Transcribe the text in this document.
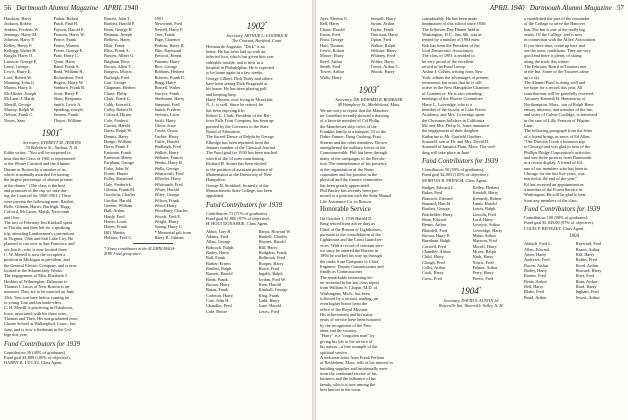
56 Dartmouth Alumni Magazine APRIL 1940
Hawkins, Harry
Jackson, Robert
Jenkins, Frederic W.
Jennings, Harry M.
Johnson, Harry P.
Kelley, Henry P.
Kellogg, Walter H.
Knight, Harry O.
Lamson, George P.
Leary, George
Lewis, Harry E.
Lord, Robert W.
Manning, John G.
Martin, Harry S.
McAllister, Joseph
McLane, J. Hardy
Merrill, George
Murray, Ralph W.
Nelson, Frank C.
Noyes, Sam
Parker, Robert
Patch, Paul H.
Payson, Harold E.
Pearson, Harry W.
Peirce, Frank
Pettee, Warren
Porter, George E.
Pratt, Harry C.
Quint, Harry
Rand, Frank A.
Read, William H.
Richardson, Fred
Rogers, Harry W.
Sanborn, Frank B.
Scott, Harry P.
Shaw, Benjamin
Smith, Lewis A.
Spalding, Joseph
Stearns, Frank
Thayer, William
1901*
Secretary, EVERETT M. JENKINS
35 Belvidere St., Nashua, N. H.
Eddie writes: "You will be surprised to
hear that the Class of 1901 is represented
at the Winter Carnival and the Alumni
Dinner in Boston by a number of us,
which is annually awarded for having
the largest percentage of alumni present
at the dinner." (The class is the host
and promoter of the cup we take dur-
ing the Carnival for 1900-1901.) There
were present the following men: Bartlett,
Belle, Gilman, Harris, Burleigh, Rugg,
Colcord, McCarter, Marsh, Newcomb
and Oser.
The fact of February Jim Kimball spent
in Florida, and then left for a speaking
trip, attending Lumbermen's conventions
in Virginia, Ohio and Salt Lake City. He
planned to run over to San Francisco and
see Jim Jr., who is now located there.
C. W. Merrill is now the occupied a
position in Michigan as president, and
the General Electric Company, and is now
located at the Schenectady Works.
The engagement of Miss Elizabeth J.
Hoskins of Wilmington, Delaware to
Thomas I. Lucas of New Boston is an-
nounced. They are to be married on June
15th. Tom was here before coming on
to young Tom and his bride-elect.
C. H. Merrill is practicing in Oskaloosa,
Iowa, associated with his three sons,
Thomas and Theo. His son graduated from
Choate School at Wallingford, Conn., last
June, and is now a freshman in the Col-
lege this year.
Fund Contributors for 1939
Contributors 39 (48% of graduates).
Fund goal $1,889 (100% of objective).
HARRY R. LUCAS, Class Agent.
Barrett, John T.
Bartlett, Harold P.
Bean, George H.
Beaman, Joseph
Bellows, Harry
Blair, Frank
Bliss, Frank A.
Bowen, Albert G.
Brigham, Ross
Brown, Allen T.
Burgess, Morris
Burleigh, Fred
Carr, George
Chapman, Herbert
Chase, Philip
Clark, Frank C.
Cobb, Everett L.
Colby, Robert B.
Colcord, Hiram
Cole, Frederic
Currier, Harold
Davis, Ralph W.
Dennis, Harry
Dodge, William
Drew, Frank T.
Eastman, Frank
Emerson, Henry
Farnham, George
Fiske, John W.
Foster, Hazen
Fuller, Raymond
Gale, Frederick
Gilman, Frank M.
Goodwin, Charles
Gordon, Harold
Greene, William
Hall, Arthur
Hardy, Fred
Harris, Louis
Hayes, Frank
Hill, Martin
Holmes, Fred C.
1901
Newcomb, Fred
Newell, Harry P.
Oser, Frank
Page, Clarence
Perkins, Harry B.
Pike, Raymond
Prescott, Ernest
Putnam, Harry
Rice, George
Robbins, Herbert
Roberts, Frank C.
Rugg, Harry
Russell, Walter
Sawyer, Frank
Sherburne, Harry
Simpson, Fred
Smith, Frederic
Stevens, Leon
Swift, Harry
Tilton, Jesse
Towle, Orson
Tucker, Harry
Tuttle, Harold
Wadleigh, Fred
Walker, Harry
Webster, Francis
Weeks, Harry R.
Wells, George
Wentworth, Fred
Wheeler, Harry
Whitcomb, Fred
White, Harold
Wiley, George
Wilson, Frank
Wood, Harry
Woodbury, Charles
Woods, Fred E.
Wright, Harry
Young, Harry C.
* Memorial gift from
Harry B. Gilman
* Ninety contributors in the ALUMNI MAGA-
ZINE Fund group since.
1902*
Secretary, ARTHUR L. GOODRICH
The Courant, Hartford, Conn.
Herman de Augustin. "Dick" is no
better. He has been laid up with an
infected foot, which has given him con-
siderable trouble, and is now in a
hospital in Philadelphia. He is expected
to be home again in a few weeks.
George Gilbert, Dick Duffy and others
have been seeing Dick Fitzgerald at
his home. He has been playing golf
and keeping busy.
Harry Bowen, now living in Montclair,
N. J., is well. Since he retired, he
has been enjoying life.
Robert C. Clark, President of the Bel-
lows Falls Trust Company, has been ap-
pointed by the Governor to the State
Board of Education.
The Sacred Dance of Delphi by George
Elbridge has been reprinted from the
January number of the Classical Journal.
The Fund goal for 1939 has been reached
with 6 of the 14 men contributing.
Richard H. Stoner has been elected
to the position of assistant professor of
Mathematics at the University of New
Hampshire.
George H. Stoddard, formerly of the
Massachusetts State College, has been
appointed.
Fund Contributors for 1939
Contributors 71 (71% of graduates).
Fund goal $1,885 (97% of objective).
H. HOLT DONAHUE, Class Agent.
Abbot, Guy H.
Adams, Fred
Allen, George
Babcock, Ralph
Bailey, Harry
Ball, Frank
Barker, Ernest
Bartlett, Ralph
Bassett, Harold
Beals, Frank
Brown, Harry
Burns, Frank
Carleton, Harry
Cate, John H.
Chandler, Fred
Cole, Bertie
Harris, Howard W.
Haskell, Charles
Haynes, Harold
Hill, Harry
Hodgdon, Frank
Holbrook, Fred
Hooper, Harry
Howe, Fred
Ingalls, Ralph
Jordan, Fred W.
Kent, Harold
Kimball, George
King, Frank
Ladd, Harry
Lane, Harold
Lewis, Fred
APRIL 1940 Dartmouth Alumni Magazine 57
Ayer, Merton G.
Bell, Harry
Chase, Harold
Eaton, Fred
Frost, George
Hart, Thomas
Lewis, Robert
Moore, Harry
Reed, Arthur
Smith, Fred
Tower, Arthur
Wells, Harry
Stowell, Harry
Swain, Arthur
Taylor, Frank
Thurston, Harry
Upton, Fred
Walker, Ralph
Webster, Harry
Whitney, Fred
Wilder, Harry
Tower, Arthur C.
Woods, Harry
1903*
Secretary, DR. EDWARD R. BURBANK
48 Humphrey St., Marblehead, Mass.
We are sorry to report that the Manches-
ter Guardian recently showed a drawing
of a favorite member of Cal Philip,
the Manchester ship crews of the
Franklin family at a banquet, 15 of the
Dabie Farmer, Doug Cushing, Fran
Stearns and the other members. Brown
strengthened the military forces of the
Commonwealth. Phil has been through
many of the campaigns of the Revolu-
tion. The remembrance of his presence
at the organization of the Nunn
committee and his position in the
physical and the finance committees
has been greatly appreciated.
Phil Pauley has recently been pro-
moted to a position with the State Mutual
Life Assurance Co. in Boston.
Honorable Service
On October 1, 1939 Harold D.
King retired from active duty as
Chief of the Bureau of Lighthouses,
pursuant to the consolidation of the
Lighthouse and the Coast Guard ser-
vices. With a record of constant serv-
ice since he entered the Bureau in
1894 he worked his way up through
the ranks from Computer to Chief
Engineer, Deputy Commissioner and
finally as Commissioner.
The remarkable interesting let-
ter recorded in the last class report
from William S. Chapin, M.D. of
Washington, Mich., has been
followed by a second, tending, an
even higher honor from the
office of the Royal Mission.
His achievement and his many
years of service have been honored
by the recognition of the Pres-
ident and the country.
"Harry" is a "forgotten man" by
giving his life to the service of
his nation—a fine example of the
spiritual service.
A welcome letter from Frank Perham
of Bethlehem, Mass. tells of his interest in
building supplies and incidentally men-
tions the continued service of his
business and the influence of his
family, which is now among the
best known in the town.
considerably. He has been made
headmaster of this school since 1936.
The Jefferson Day Dinner held at
Washington, D.C., Jan. 8th, was at-
tended by a number of 1903 men.
Bob has been the President of the
local Democratic Association.
The class of 1903 is entitled to
be very proud of the excellent
record of its Fund Group.
Arthur J. Cohen, writing from New
York, admits the advantages of present
retirement, but notes that he is still
active in the New Hampshire Chamber
of Commerce. He is also attending
meetings of the Hoover Committee.
Harry L. Loveridge, who is a
member of the faculty at Lake Forest
Academy, and Mrs. Loveridge spent
the Christmas holidays in California.
Mr. and Mrs. Philip N. Jones announce
the engagement of their daughter
Katharine to Mr. Garfield Gardner
Scannell, son of Dr. and Mrs. David D.
Scannell of Jamaica Plain, Mass. The wed-
ding will take place in June.
Fund Contributors for 1939
Contributors 50 (59% of graduates).
Fund goal $2,003 (105% of objective).
MORTON B. FRENCH, Class Agent.
Badger, Edward L.
Baker, Fred
Bancroft, Edward
Barnard, Harold
Bartlett, George
Batchelder, Harry
Bean, Edward
Bemis, Arthur
Blaisdell, Fred
Brown, Harry P.
Burnham, Ralph
Caswell, Fred
Chandler, Arthur
Child, Harry
Clough, Fred
Colby, Arthur
Cook, Harry
Cross, Fred
Kelley, Herbert
Kendall, Harry
Kennedy, Robert
Lamb, Harold
Lewis, Ralph
Lincoln, Fred
Lord, Harry
Lovejoy, Arthur
Loveridge, Harry
Mann, Arthur
Marston, Fred
Merrill, Harry
Morse, Ralph
Nash, Harry
Norris, Fred
Palmer, Arthur
Perry, Harry
Pierce, Fred
1904*
Secretary, DAVID S. AUSTIN 2d
Waterville Inn, Waterville Valley, N. H.
a established the part of the remainder
of the College to serve the Hanover
Inn. The Inn is one of the really big
assets. Of the College, and is now
in connection with the Allies' Association.
If you have time, come up here and
see the snow conditions. They are very
good and there is plenty of skiing
along the trails this winter.
The February Board of Trustees met
at the Inn. Some of the Trustees came
up to ski.
The Alumni Fund is doing well and
we hope for a record this year. All
contributions will be gratefully received.
Attorney Kenneth H. Hemenway of
Northampton, Mass., son of Ralph Hem-
enway, attorney, and member of the bar,
and sister of Calvin Coolidge, is interested
in the case of Lilly Pearson of Pilgrim
Lane.
The following paragraph from the letter
of a friend brings us news of Ed Allen:
"Our Director I took a business trip
to Chicago and was glad to hear of the
Phillips Dodge Corporation's activities
and saw three pictures from Dartmouth
in a recent display. A friend of Ed,
one of our members who has been in
Chicago for the last five years, was
married at the end of the year."
Ed has received an appointment as
a member of the Forest Service in
Washington. He will be glad to hear
from any members of the class.
Fund Contributors for 1939
Contributors 100 (98% of graduates).
Fund goal $1,845.00 (97% of objective).
LOUIS P. BENEZET, Class Agent.
1904
Aldrich, Fred L.
Allen, Edward
Ames, Harry
Andrews, Fred
Bacon, Arthur
Bailey, Harry
Barnes, Fred
Beals, Arthur
Bell, Harry
Blake, Fred
Bond, Arthur
Hayward, Fred
Hazen, Arthur
Hill, Harry
Hobbs, Fred
Hood, Arthur
Howard, Harry
Hoyt, Fred
Hunt, Arthur
Hurd, Harry
Ingham, Fred
Jewett, Arthur
